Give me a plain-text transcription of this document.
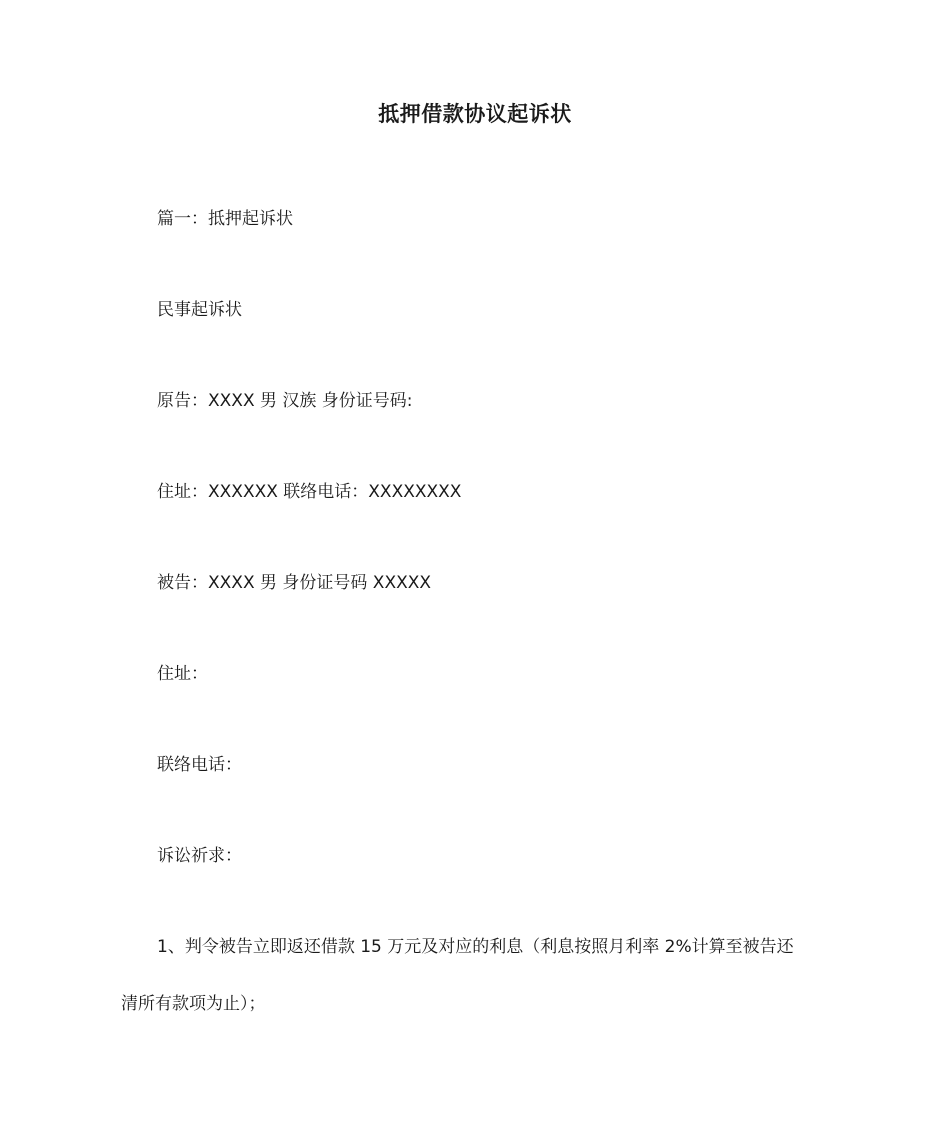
抵押借款协议起诉状
篇一：抵押起诉状
民事起诉状
原告：XXXX 男 汉族 身份证号码:
住址：XXXXXX 联络电话：XXXXXXXX
被告：XXXX 男 身份证号码 XXXXX
住址：
联络电话：
诉讼祈求：
1、判令被告立即返还借款 15 万元及对应的利息（利息按照月利率 2%计算至被告还
清所有款项为止）；
